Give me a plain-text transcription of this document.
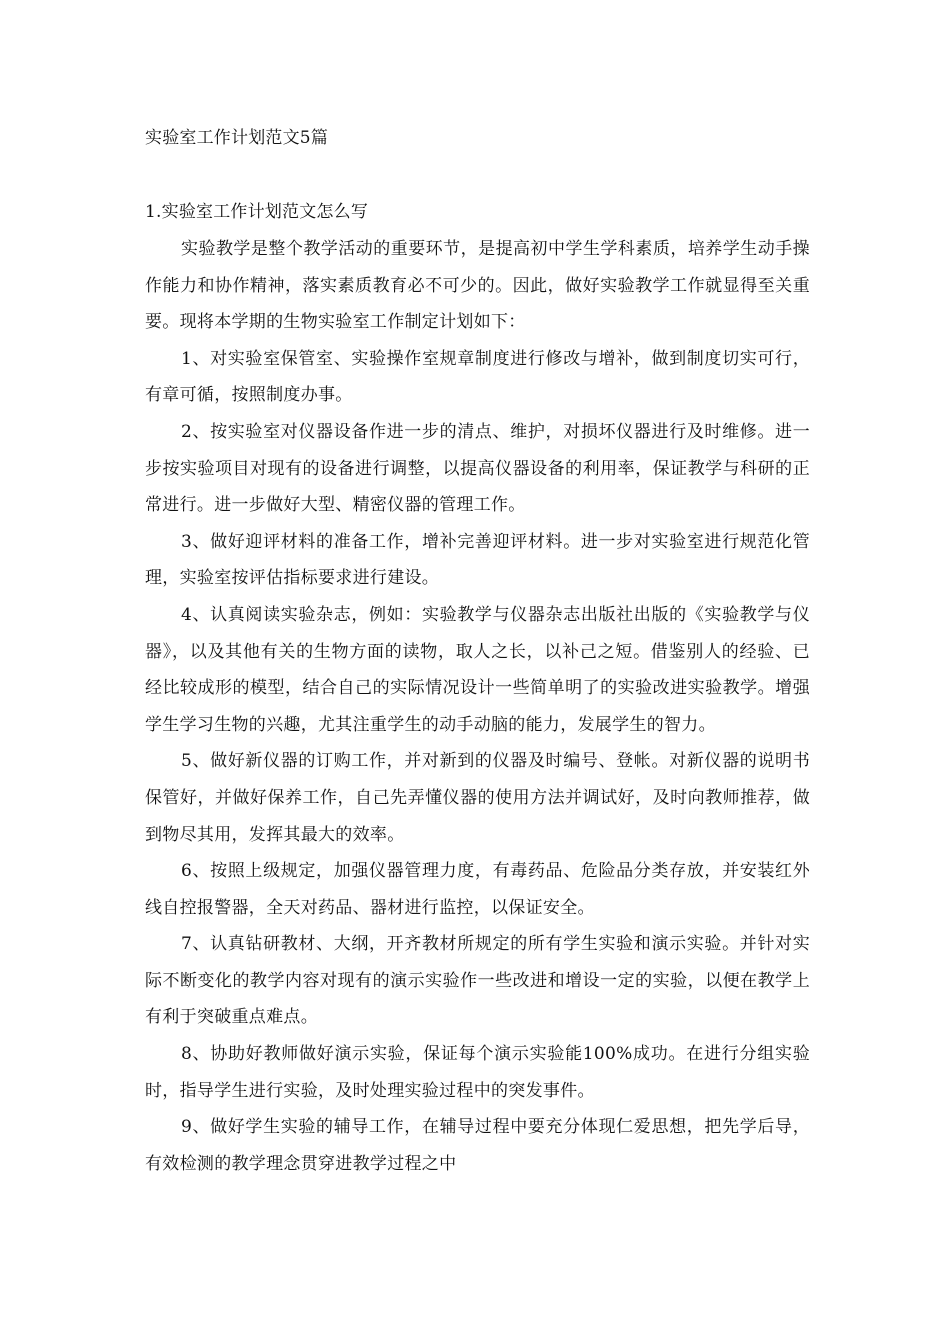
实验室工作计划范文5篇
1.实验室工作计划范文怎么写

实验教学是整个教学活动的重要环节，是提高初中学生学科素质，培养学生动手操作能力和协作精神，落实素质教育必不可少的。因此，做好实验教学工作就显得至关重要。现将本学期的生物实验室工作制定计划如下：

1、对实验室保管室、实验操作室规章制度进行修改与增补，做到制度切实可行，有章可循，按照制度办事。

2、按实验室对仪器设备作进一步的清点、维护，对损坏仪器进行及时维修。进一步按实验项目对现有的设备进行调整，以提高仪器设备的利用率，保证教学与科研的正常进行。进一步做好大型、精密仪器的管理工作。

3、做好迎评材料的准备工作，增补完善迎评材料。进一步对实验室进行规范化管理，实验室按评估指标要求进行建设。

4、认真阅读实验杂志，例如：实验教学与仪器杂志出版社出版的《实验教学与仪器》，以及其他有关的生物方面的读物，取人之长，以补己之短。借鉴别人的经验、已经比较成形的模型，结合自己的实际情况设计一些简单明了的实验改进实验教学。增强学生学习生物的兴趣，尤其注重学生的动手动脑的能力，发展学生的智力。

5、做好新仪器的订购工作，并对新到的仪器及时编号、登帐。对新仪器的说明书保管好，并做好保养工作，自己先弄懂仪器的使用方法并调试好，及时向教师推荐，做到物尽其用，发挥其最大的效率。

6、按照上级规定，加强仪器管理力度，有毒药品、危险品分类存放，并安装红外线自控报警器，全天对药品、器材进行监控，以保证安全。

7、认真钻研教材、大纲，开齐教材所规定的所有学生实验和演示实验。并针对实际不断变化的教学内容对现有的演示实验作一些改进和增设一定的实验，以便在教学上有利于突破重点难点。

8、协助好教师做好演示实验，保证每个演示实验能100%成功。在进行分组实验时，指导学生进行实验，及时处理实验过程中的突发事件。

9、做好学生实验的辅导工作，在辅导过程中要充分体现仁爱思想，把先学后导，有效检测的教学理念贯穿进教学过程之中
